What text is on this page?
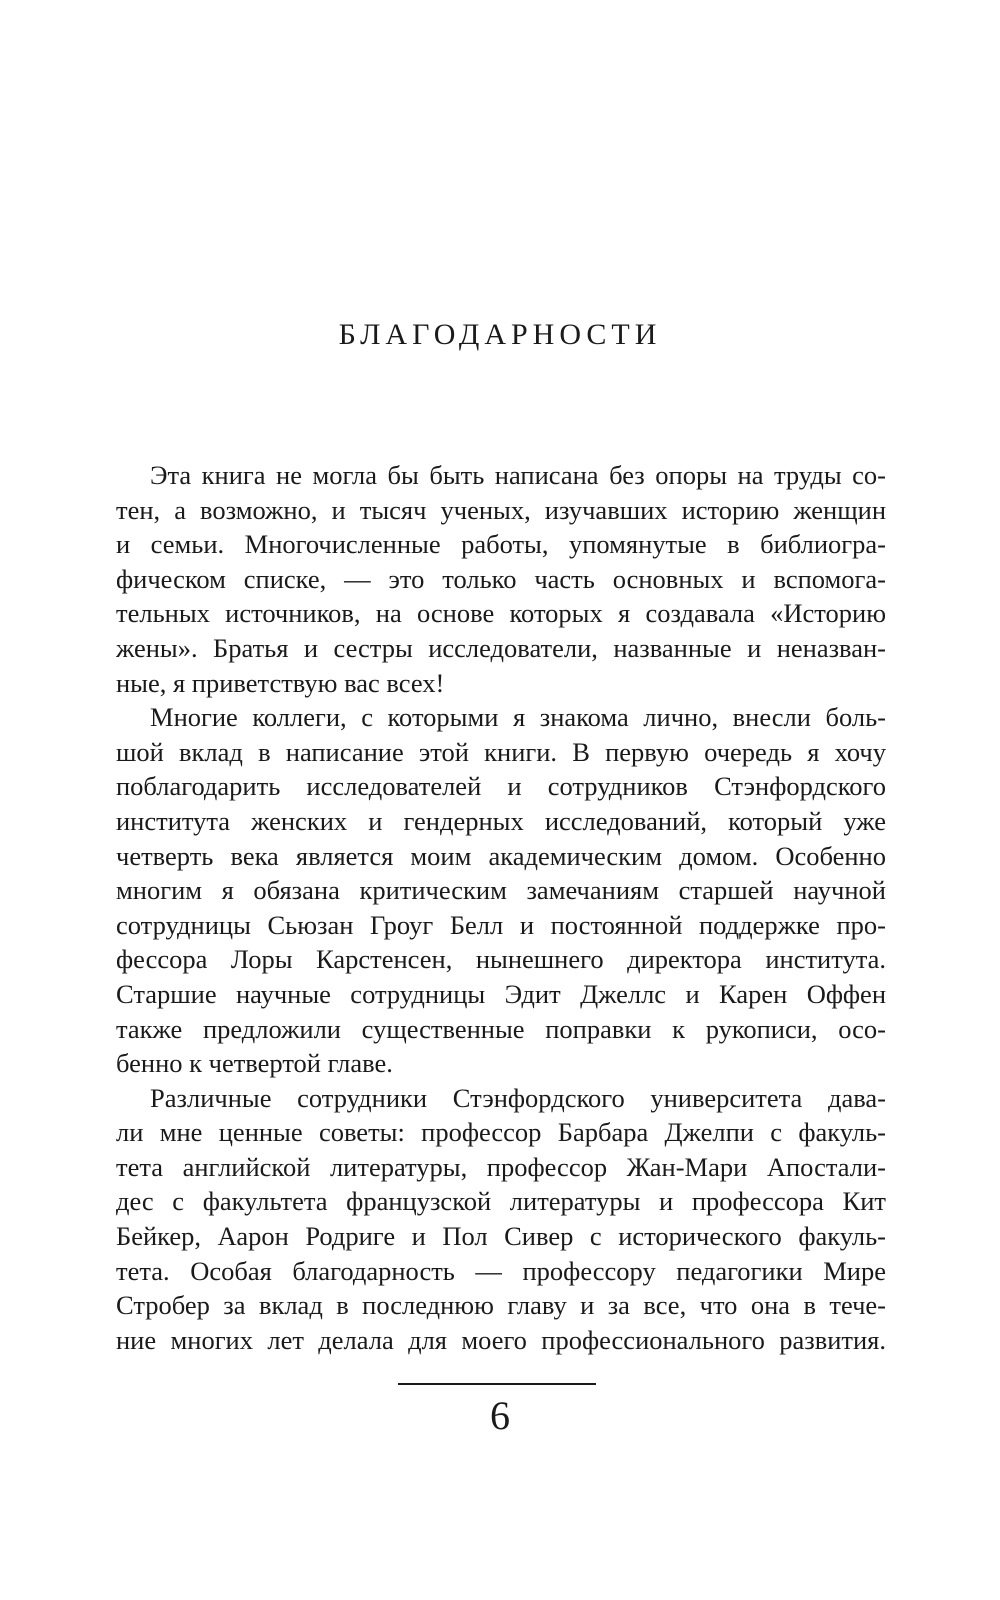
БЛАГОДАРНОСТИ
Эта книга не могла бы быть написана без опоры на труды со-
тен, а возможно, и тысяч ученых, изучавших историю женщин
и семьи. Многочисленные работы, упомянутые в библиогра-
фическом списке, — это только часть основных и вспомога-
тельных источников, на основе которых я создавала «Историю
жены». Братья и сестры исследователи, названные и неназван-
ные, я приветствую вас всех!
Многие коллеги, с которыми я знакома лично, внесли боль-
шой вклад в написание этой книги. В первую очередь я хочу
поблагодарить исследователей и сотрудников Стэнфордского
института женских и гендерных исследований, который уже
четверть века является моим академическим домом. Особенно
многим я обязана критическим замечаниям старшей научной
сотрудницы Сьюзан Гроуг Белл и постоянной поддержке про-
фессора Лоры Карстенсен, нынешнего директора института.
Старшие научные сотрудницы Эдит Джеллс и Карен Оффен
также предложили существенные поправки к рукописи, осо-
бенно к четвертой главе.
Различные сотрудники Стэнфордского университета дава-
ли мне ценные советы: профессор Барбара Джелпи с факуль-
тета английской литературы, профессор Жан-Мари Апостали-
дес с факультета французской литературы и профессора Кит
Бейкер, Аарон Родриге и Пол Сивер с исторического факуль-
тета. Особая благодарность — профессору педагогики Мире
Стробер за вклад в последнюю главу и за все, что она в тече-
ние многих лет делала для моего профессионального развития.
6
